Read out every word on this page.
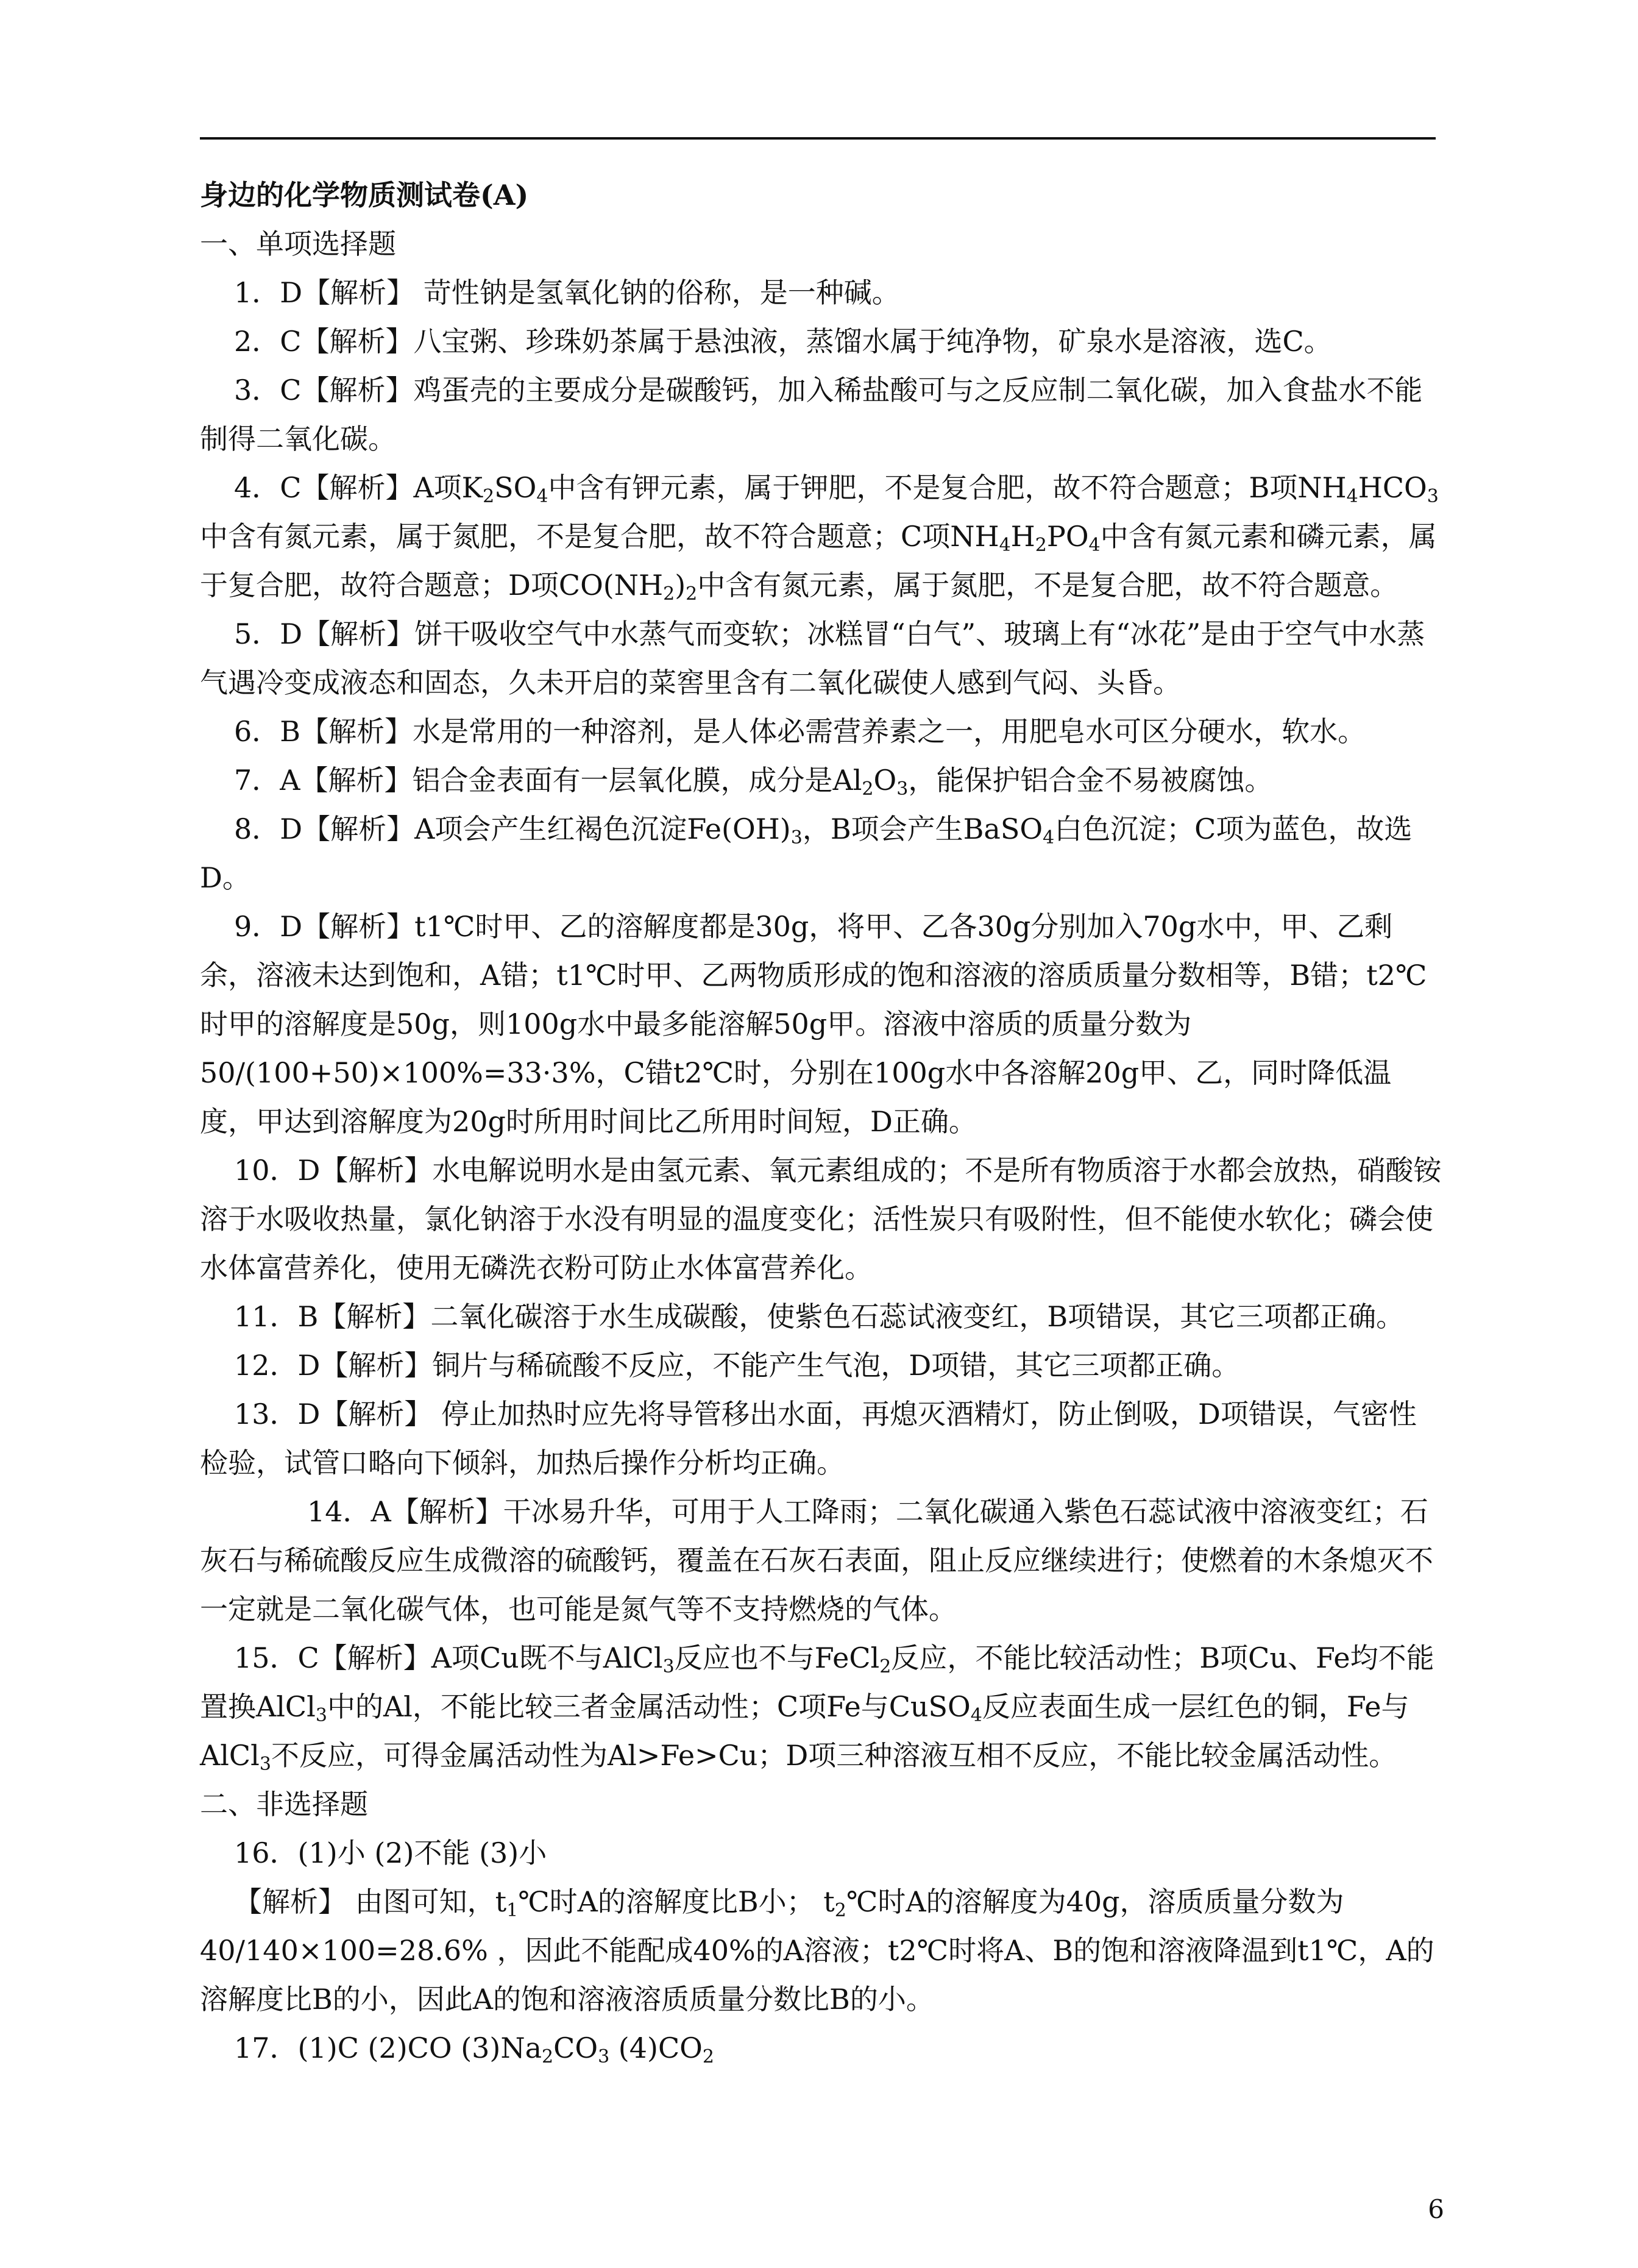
身边的化学物质测试卷(A)
一、单项选择题
1．D【解析】 苛性钠是氢氧化钠的俗称，是一种碱。
2．C【解析】八宝粥、珍珠奶茶属于悬浊液，蒸馏水属于纯净物，矿泉水是溶液，选C。
3．C【解析】鸡蛋壳的主要成分是碳酸钙，加入稀盐酸可与之反应制二氧化碳，加入食盐水不能制得二氧化碳。
4．C【解析】A项$K_2SO_4$中含有钾元素，属于钾肥，不是复合肥，故不符合题意；B项$NH_4HCO_3$中含有氮元素，属于氮肥，不是复合肥，故不符合题意；C项$NH_4H_2PO_4$中含有氮元素和磷元素，属于复合肥，故符合题意；D项$CO(NH_2)_2$中含有氮元素，属于氮肥，不是复合肥，故不符合题意。
5．D【解析】饼干吸收空气中水蒸气而变软；冰糕冒“白气”、玻璃上有“冰花”是由于空气中水蒸气遇冷变成液态和固态，久未开启的菜窖里含有二氧化碳使人感到气闷、头昏。
6．B【解析】水是常用的一种溶剂，是人体必需营养素之一，用肥皂水可区分硬水，软水。
7．A【解析】铝合金表面有一层氧化膜，成分是$Al_2O_3$，能保护铝合金不易被腐蚀。
8．D【解析】A项会产生红褐色沉淀$Fe(OH)_3$，B项会产生BaSO$_4$白色沉淀；C项为蓝色，故选D。
9．D【解析】t1℃时甲、乙的溶解度都是30g，将甲、乙各30g分别加入70g水中，甲、乙剩余，溶液未达到饱和，A错；t1℃时甲、乙两物质形成的饱和溶液的溶质质量分数相等，B错；t2℃时甲的溶解度是50g，则100g水中最多能溶解50g甲。溶液中溶质的质量分数为50/(100+50)×100%=33·3%，C错t2℃时，分别在100g水中各溶解20g甲、乙，同时降低温度，甲达到溶解度为20g时所用时间比乙所用时间短，D正确。
10．D【解析】水电解说明水是由氢元素、氧元素组成的；不是所有物质溶于水都会放热，硝酸铵溶于水吸收热量，氯化钠溶于水没有明显的温度变化；活性炭只有吸附性，但不能使水软化；磷会使水体富营养化，使用无磷洗衣粉可防止水体富营养化。
11．B【解析】二氧化碳溶于水生成碳酸，使紫色石蕊试液变红，B项错误，其它三项都正确。
12．D【解析】铜片与稀硫酸不反应，不能产生气泡，D项错，其它三项都正确。
13．D【解析】 停止加热时应先将导管移出水面，再熄灭酒精灯，防止倒吸，D项错误，气密性检验，试管口略向下倾斜，加热后操作分析均正确。
14．A【解析】干冰易升华，可用于人工降雨；二氧化碳通入紫色石蕊试液中溶液变红；石灰石与稀硫酸反应生成微溶的硫酸钙，覆盖在石灰石表面，阻止反应继续进行；使燃着的木条熄灭不一定就是二氧化碳气体，也可能是氮气等不支持燃烧的气体。
15．C【解析】A项Cu既不与AlCl$_3$反应也不与FeCl$_2$反应，不能比较活动性；B项Cu、Fe均不能置换AlCl$_3$中的Al，不能比较三者金属活动性；C项Fe与CuSO$_4$反应表面生成一层红色的铜，Fe与AlCl$_3$不反应，可得金属活动性为Al>Fe>Cu；D项三种溶液互相不反应，不能比较金属活动性。
二、非选择题
16．(1)小 (2)不能 (3)小
【解析】 由图可知，$t_1℃$时A的溶解度比B小； $t_2℃$时A的溶解度为40g，溶质质量分数为40/140×100=28.6% ，因此不能配成40%的A溶液；t2℃时将A、B的饱和溶液降温到t1℃，A的溶解度比B的小，因此A的饱和溶液溶质质量分数比B的小。
17．(1)C (2)CO $(3)Na_2CO_3$ $(4)CO_2$
6
